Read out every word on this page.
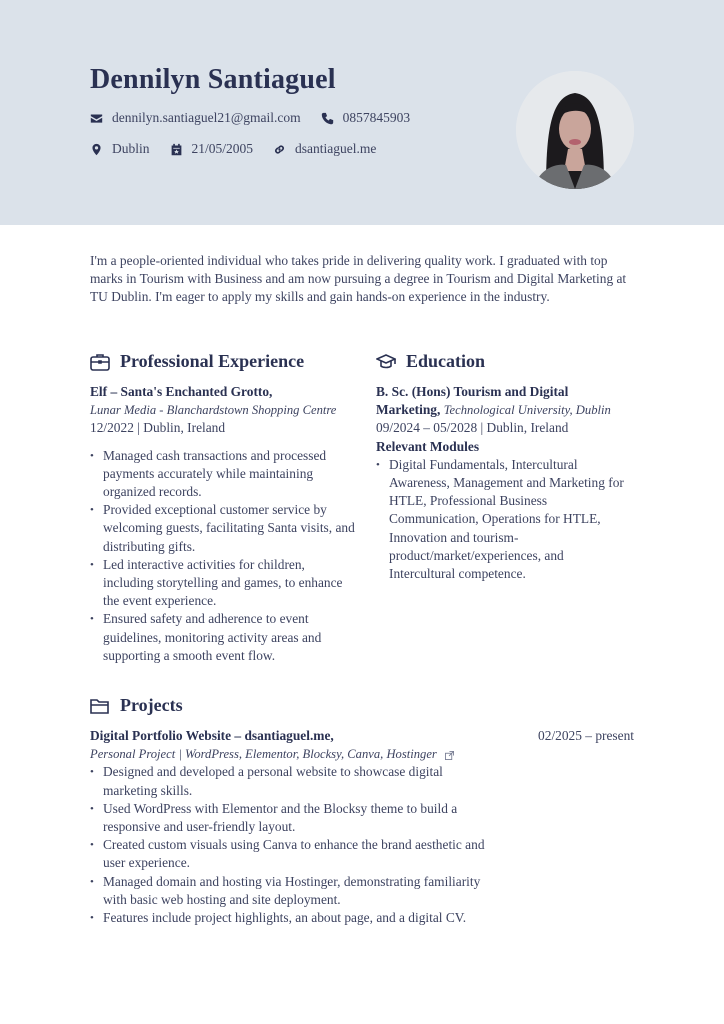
Dennilyn Santiaguel
dennilyn.santiaguel21@gmail.com	0857845903
Dublin	21/05/2005	dsantiaguel.me
I'm a people-oriented individual who takes pride in delivering quality work. I graduated with top marks in Tourism with Business and am now pursuing a degree in Tourism and Digital Marketing at TU Dublin. I'm eager to apply my skills and gain hands-on experience in the industry.
Professional Experience
Elf – Santa's Enchanted Grotto,
Lunar Media - Blanchardstown Shopping Centre
12/2022 | Dublin, Ireland
• Managed cash transactions and processed payments accurately while maintaining organized records.
• Provided exceptional customer service by welcoming guests, facilitating Santa visits, and distributing gifts.
• Led interactive activities for children, including storytelling and games, to enhance the event experience.
• Ensured safety and adherence to event guidelines, monitoring activity areas and supporting a smooth event flow.
Education
B. Sc. (Hons) Tourism and Digital Marketing, Technological University, Dublin
09/2024 – 05/2028 | Dublin, Ireland
Relevant Modules
• Digital Fundamentals, Intercultural Awareness, Management and Marketing for HTLE, Professional Business Communication, Operations for HTLE, Innovation and tourism-product/market/experiences, and Intercultural competence.
Projects
02/2025 – present
Digital Portfolio Website – dsantiaguel.me,
Personal Project | WordPress, Elementor, Blocksy, Canva, Hostinger
• Designed and developed a personal website to showcase digital marketing skills.
• Used WordPress with Elementor and the Blocksy theme to build a responsive and user-friendly layout.
• Created custom visuals using Canva to enhance the brand aesthetic and user experience.
• Managed domain and hosting via Hostinger, demonstrating familiarity with basic web hosting and site deployment.
• Features include project highlights, an about page, and a digital CV.
